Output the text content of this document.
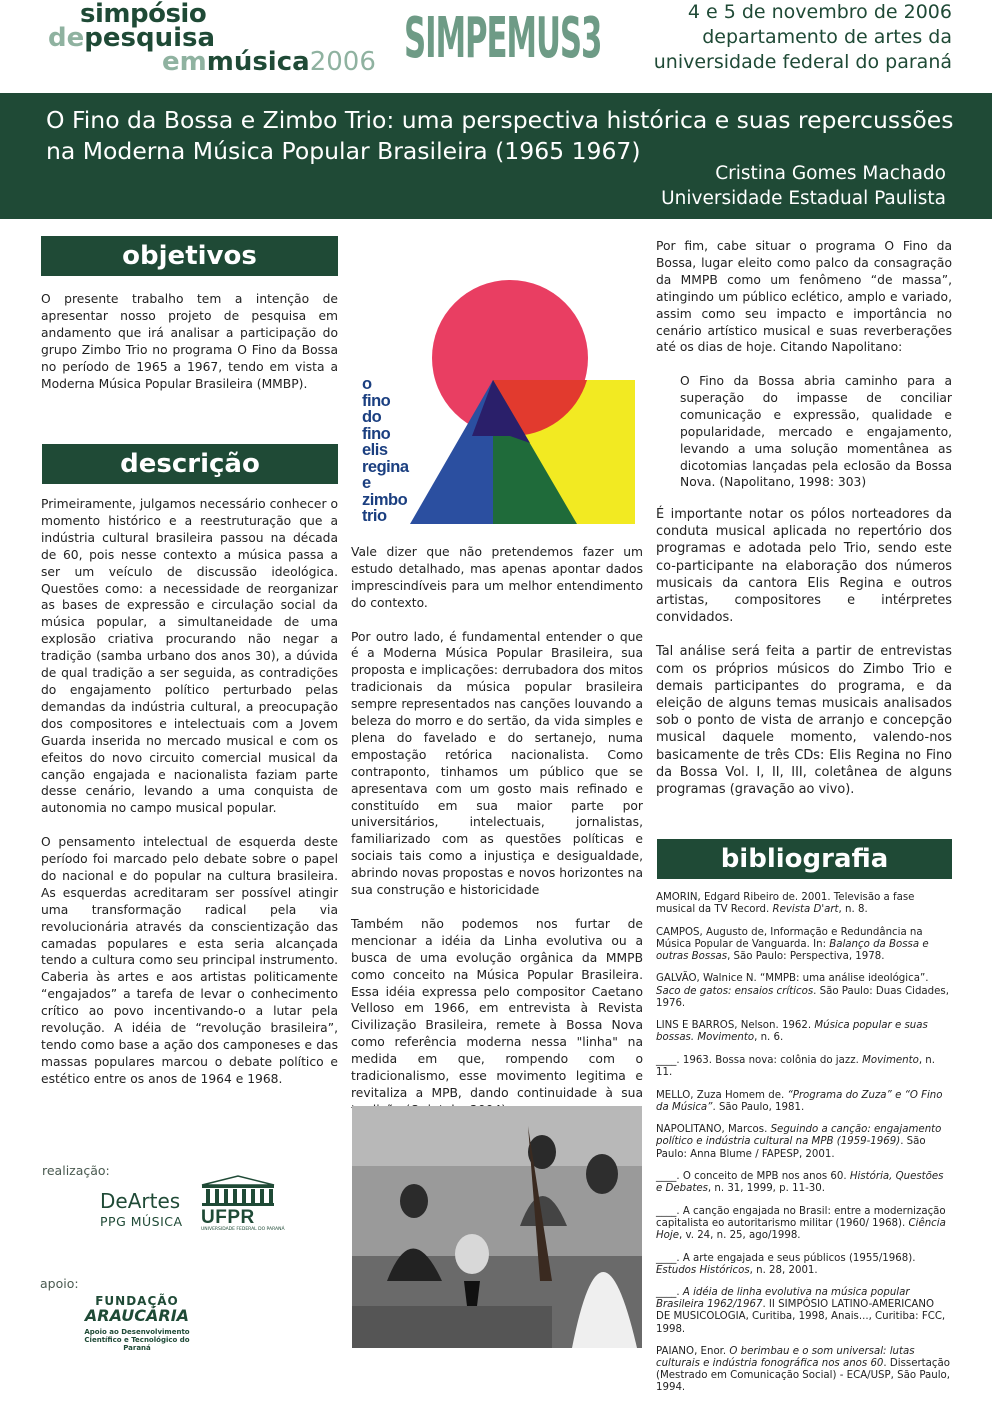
simpósio
depesquisa
emmúsica2006 SIMPEMUS3	4 e 5 de novembro de 2006
departamento de artes da
universidade federal do paraná
O Fino da Bossa e Zimbo Trio: uma perspectiva histórica e suas repercussões na Moderna Música Popular Brasileira (1965 1967)
Cristina Gomes Machado
Universidade Estadual Paulista
objetivos

O presente trabalho tem a intenção de apresentar nosso projeto de pesquisa em andamento que irá analisar a participação do grupo Zimbo Trio no programa O Fino da Bossa no período de 1965 a 1967, tendo em vista a Moderna Música Popular Brasileira (MMBP).

descrição

Primeiramente, julgamos necessário conhecer o momento histórico e a reestruturação que a indústria cultural brasileira passou na década de 60, pois nesse contexto a música passa a ser um veículo de discussão ideológica. Questões como: a necessidade de reorganizar as bases de expressão e circulação social da música popular, a simultaneidade de uma explosão criativa procurando não negar a tradição (samba urbano dos anos 30), a dúvida de qual tradição a ser seguida, as contradições do engajamento político perturbado pelas demandas da indústria cultural, a preocupação dos compositores e intelectuais com a Jovem Guarda inserida no mercado musical e com os efeitos do novo circuito comercial musical da canção engajada e nacionalista faziam parte desse cenário, levando a uma conquista de autonomia no campo musical popular.

O pensamento intelectual de esquerda deste período foi marcado pelo debate sobre o papel do nacional e do popular na cultura brasileira. As esquerdas acreditaram ser possível atingir uma transformação radical pela via revolucionária através da conscientização das camadas populares e esta seria alcançada tendo a cultura como seu principal instrumento. Caberia às artes e aos artistas politicamente “engajados” a tarefa de levar o conhecimento crítico ao povo incentivando-o a lutar pela revolução. A idéia de “revolução brasileira”, tendo como base a ação dos camponeses e das massas populares marcou o debate político e estético entre os anos de 1964 e 1968.

o
fino
do
fino
elis
regina
e
zimbo
trio

Vale dizer que não pretendemos fazer um estudo detalhado, mas apenas apontar dados imprescindíveis para um melhor entendimento do contexto.

Por outro lado, é fundamental entender o que é a Moderna Música Popular Brasileira, sua proposta e implicações: derrubadora dos mitos tradicionais da música popular brasileira sempre representados nas canções louvando a beleza do morro e do sertão, da vida simples e plena do favelado e do sertanejo, numa empostação retórica nacionalista. Como contraponto, tinhamos um público que se apresentava com um gosto mais refinado e constituído em sua maior parte por universitários, intelectuais, jornalistas, familiarizado com as questões políticas e sociais tais como a injustiça e desigualdade, abrindo novas propostas e novos horizontes na sua construção e historicidade

Também não podemos nos furtar de mencionar a idéia da Linha evolutiva ou a busca de uma evolução orgânica da MMPB como conceito na Música Popular Brasileira. Essa idéia expressa pelo compositor Caetano Velloso em 1966, em entrevista à Revista Civilização Brasileira, remete à Bossa Nova como referência moderna nessa "linha" na medida em que, rompendo com o tradicionalismo, esse movimento legitima e revitaliza a MPB, dando continuidade à sua

Por fim, cabe situar o programa O Fino da Bossa, lugar eleito como palco da consagração da MMPB como um fenômeno “de massa”, atingindo um público eclético, amplo e variado, assim como seu impacto e importância no cenário artístico musical e suas reverberações até os dias de hoje. Citando Napolitano:

O Fino da Bossa abria caminho para a superação do impasse de conciliar comunicação e expressão, qualidade e popularidade, mercado e engajamento, levando a uma solução momentânea as dicotomias lançadas pela eclosão da Bossa Nova. (Napolitano, 1998: 303)

É importante notar os pólos norteadores da conduta musical aplicada no repertório dos programas e adotada pelo Trio, sendo este co-participante na elaboração dos números musicais da cantora Elis Regina e outros artistas, compositores e intérpretes convidados.

Tal análise será feita a partir de entrevistas com os próprios músicos do Zimbo Trio e demais participantes do programa, e da eleição de alguns temas musicais analisados sob o ponto de vista de arranjo e concepção musical daquele momento, valendo-nos basicamente de três CDs: Elis Regina no Fino da Bossa Vol. I, II, III, coletânea de alguns programas (gravação ao vivo).

bibliografia
AMORIN, Edgard Ribeiro de. 2001. Televisão a fase musical da TV Record. Revista D'art, n. 8.
CAMPOS, Augusto de, Informação e Redundância na Música Popular de Vanguarda. In: Balanço da Bossa e outras Bossas, São Paulo: Perspectiva, 1978.
GALVÃO, Walnice N. “MMPB: uma análise ideológica”. Saco de gatos: ensaios críticos. São Paulo: Duas Cidades, 1976.
LINS E BARROS, Nelson. 1962. Música popular e suas bossas. Movimento, n. 6.
____. 1963. Bossa nova: colônia do jazz. Movimento, n. 11.
MELLO, Zuza Homem de. “Programa do Zuza” e “O Fino da Música”. São Paulo, 1981.
NAPOLITANO, Marcos. Seguindo a canção: engajamento político e indústria cultural na MPB (1959-1969). São Paulo: Anna Blume / FAPESP, 2001.
____. O conceito de MPB nos anos 60. História, Questões e Debates, n. 31, 1999, p. 11-30.
____. A canção engajada no Brasil: entre a modernização capitalista eo autoritarismo militar (1960/ 1968). Ciência Hoje, v. 24, n. 25, ago/1998.
____. A arte engajada e seus públicos (1955/1968). Estudos Históricos, n. 28, 2001.
____. A idéia de linha evolutiva na música popular Brasileira 1962/1967. II SIMPÓSIO LATINO-AMERICANO DE MUSICOLOGIA, Curitiba, 1998, Anais..., Curitiba: FCC, 1998.
PAIANO, Enor. O berimbau e o som universal: lutas culturais e indústria fonográfica nos anos 60. Dissertação (Mestrado em Comunicação Social) - ECA/USP, São Paulo, 1994.
realização:
DeArtes
PPG MÚSICA UFPR
UNIVERSIDADE FEDERAL DO PARANÁ
apoio:
FUNDAÇÃO
ARAUCÁRIA
Apoio ao Desenvolvimento Científico e Tecnológico do Paraná
